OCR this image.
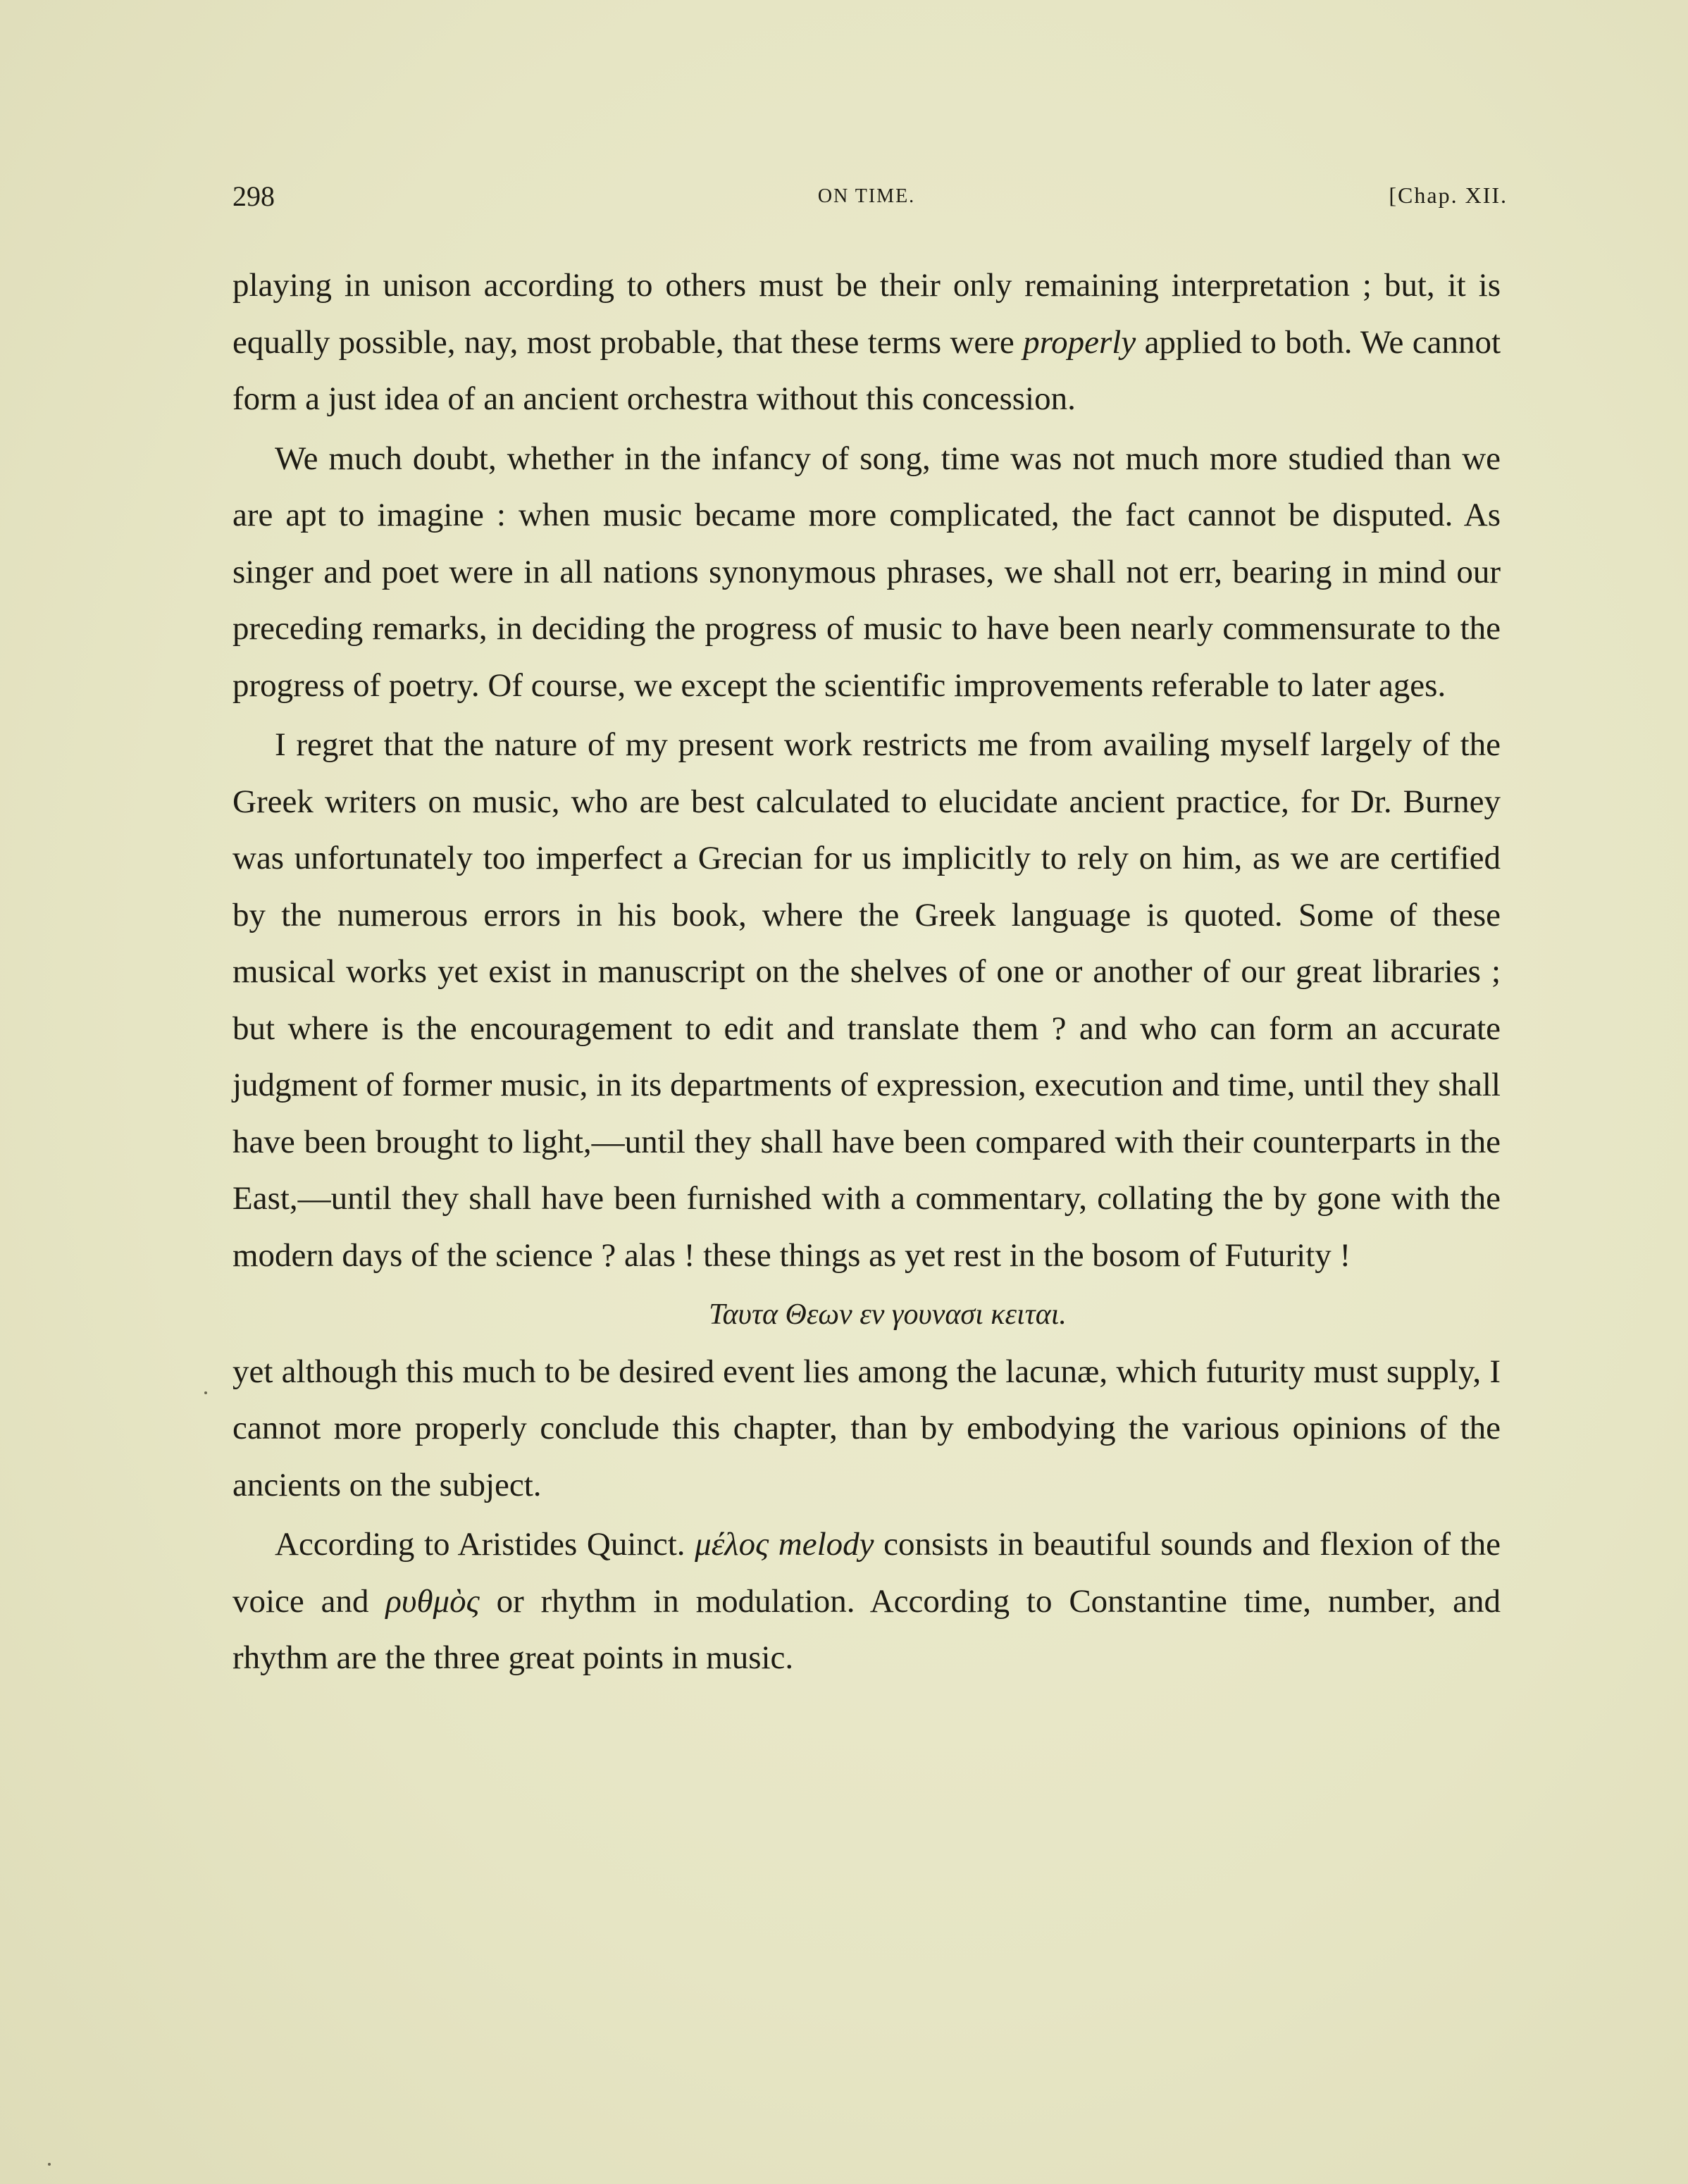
298	ON TIME.	[Chap. XII.

playing in unison according to others must be their only remaining interpretation ; but, it is equally possible, nay, most probable, that these terms were properly applied to both. We cannot form a just idea of an ancient orchestra without this concession.

We much doubt, whether in the infancy of song, time was not much more studied than we are apt to imagine : when music became more complicated, the fact cannot be disputed. As singer and poet were in all nations synonymous phrases, we shall not err, bearing in mind our preceding remarks, in deciding the progress of music to have been nearly commensurate to the progress of poetry. Of course, we except the scientific improvements referable to later ages.

I regret that the nature of my present work restricts me from availing myself largely of the Greek writers on music, who are best calculated to elucidate ancient practice, for Dr. Burney was unfortunately too imperfect a Grecian for us implicitly to rely on him, as we are certified by the numerous errors in his book, where the Greek language is quoted. Some of these musical works yet exist in manuscript on the shelves of one or another of our great libraries ; but where is the encouragement to edit and translate them ? and who can form an accurate judgment of former music, in its departments of expression, execution and time, until they shall have been brought to light,—until they shall have been compared with their counterparts in the East,—until they shall have been furnished with a commentary, collating the by gone with the modern days of the science ? alas ! these things as yet rest in the bosom of Futurity !

Ταυτα Θεων εν γουνασι κειται.

yet although this much to be desired event lies among the lacunæ, which futurity must supply, I cannot more properly conclude this chapter, than by embodying the various opinions of the ancients on the subject.

According to Aristides Quinct. μέλος melody consists in beautiful sounds and flexion of the voice and ρυθμὸς or rhythm in modulation. According to Constantine time, number, and rhythm are the three great points in music.
